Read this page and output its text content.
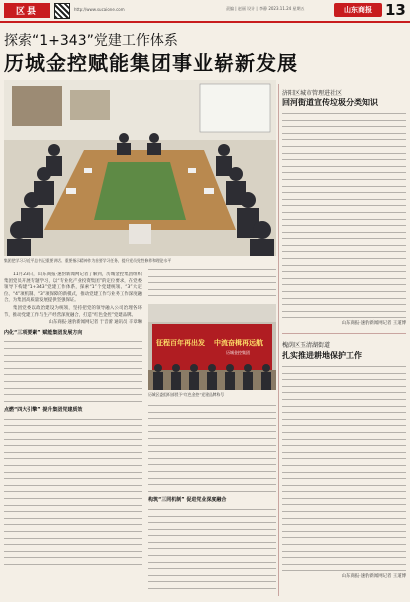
区县	http://www.sucaione.com	责编 | 赵丽 设计 | 李静 2023.11.24 星期五	山东商报 13
探索“1+343”党建工作体系
历城金控赋能集团事业崭新发展
集团把学习习近平总书记重要讲话、重要指示精神作为首要学习任务，提升党员党性修养和理论水平

11月23日，山东商报·速豹新闻网记者了解到，历城金控集团组织集团党员开展专题学习，以“专业化产业投资集团”的定位要求，在党委领导下构建“1+343”党建工作体系，探索“1”个党建统领、“3”大定位、“4”项机制、“3”项保障的新模式，推动党建工作与业务工作深度融合，为集团高质量发展提供坚强保证。

集团党委以政治建设为统领，坚持把党的领导融入公司治理各环节，推动党建工作与生产经营深度融合，打造“红色金控”党建品牌。

山东商报·速豹新闻网记者 于音蕾 通讯员 辛章琳
内化“三项要素” 赋能集团发展方向
点燃“四大引擎” 提升集团党建质效
征程百年再出发 中流奋楫再远航
历城金控集团
历城区委组织部授予“红色金控”党建品牌称号
构筑“三同机制” 促进党业深度融合
济阳区城市管理进社区
回河街道宣传垃圾分类知识
山东商报·速豹新闻网记者 王道博
槐荫区玉清湖街道
扎实推进耕地保护工作
山东商报·速豹新闻网记者 王道博
